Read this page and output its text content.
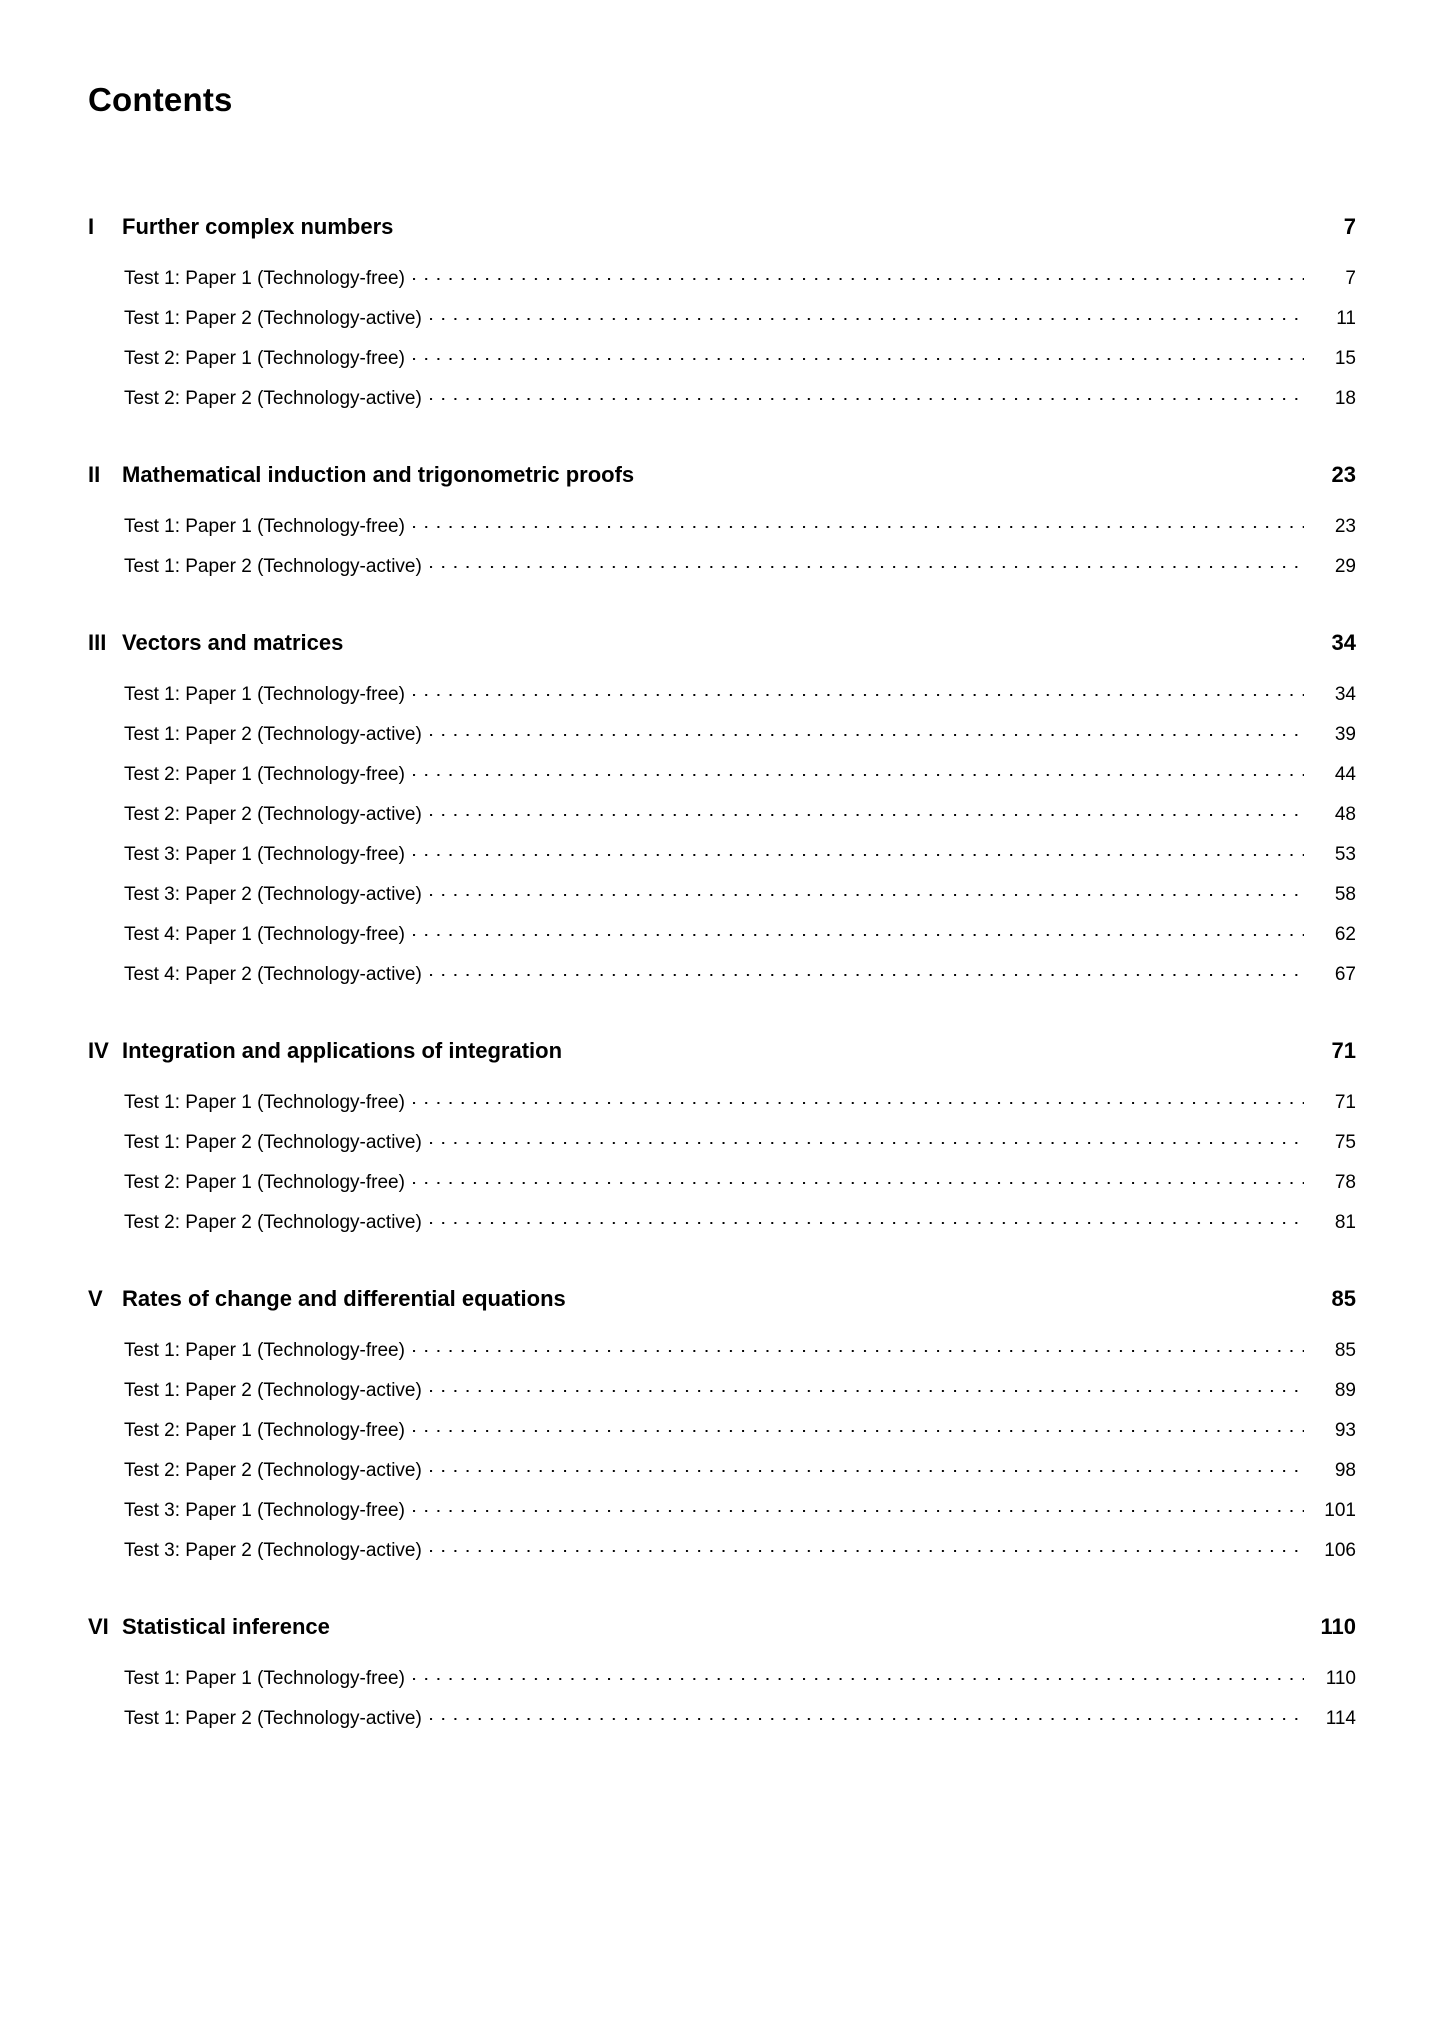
Contents
I	Further complex numbers	7
Test 1: Paper 1 (Technology-free)	7
Test 1: Paper 2 (Technology-active)	11
Test 2: Paper 1 (Technology-free)	15
Test 2: Paper 2 (Technology-active)	18
II Mathematical induction and trigonometric proofs	23
Test 1: Paper 1 (Technology-free)	23
Test 1: Paper 2 (Technology-active)	29
III Vectors and matrices	34
Test 1: Paper 1 (Technology-free)	34
Test 1: Paper 2 (Technology-active)	39
Test 2: Paper 1 (Technology-free)	44
Test 2: Paper 2 (Technology-active)	48
Test 3: Paper 1 (Technology-free)	53
Test 3: Paper 2 (Technology-active)	58
Test 4: Paper 1 (Technology-free)	62
Test 4: Paper 2 (Technology-active)	67
IV Integration and applications of integration	71
Test 1: Paper 1 (Technology-free)	71
Test 1: Paper 2 (Technology-active)	75
Test 2: Paper 1 (Technology-free)	78
Test 2: Paper 2 (Technology-active)	81
V Rates of change and differential equations	85
Test 1: Paper 1 (Technology-free)	85
Test 1: Paper 2 (Technology-active)	89
Test 2: Paper 1 (Technology-free)	93
Test 2: Paper 2 (Technology-active)	98
Test 3: Paper 1 (Technology-free)	101
Test 3: Paper 2 (Technology-active)	106
VI Statistical inference	110
Test 1: Paper 1 (Technology-free)	110
Test 1: Paper 2 (Technology-active)	114
